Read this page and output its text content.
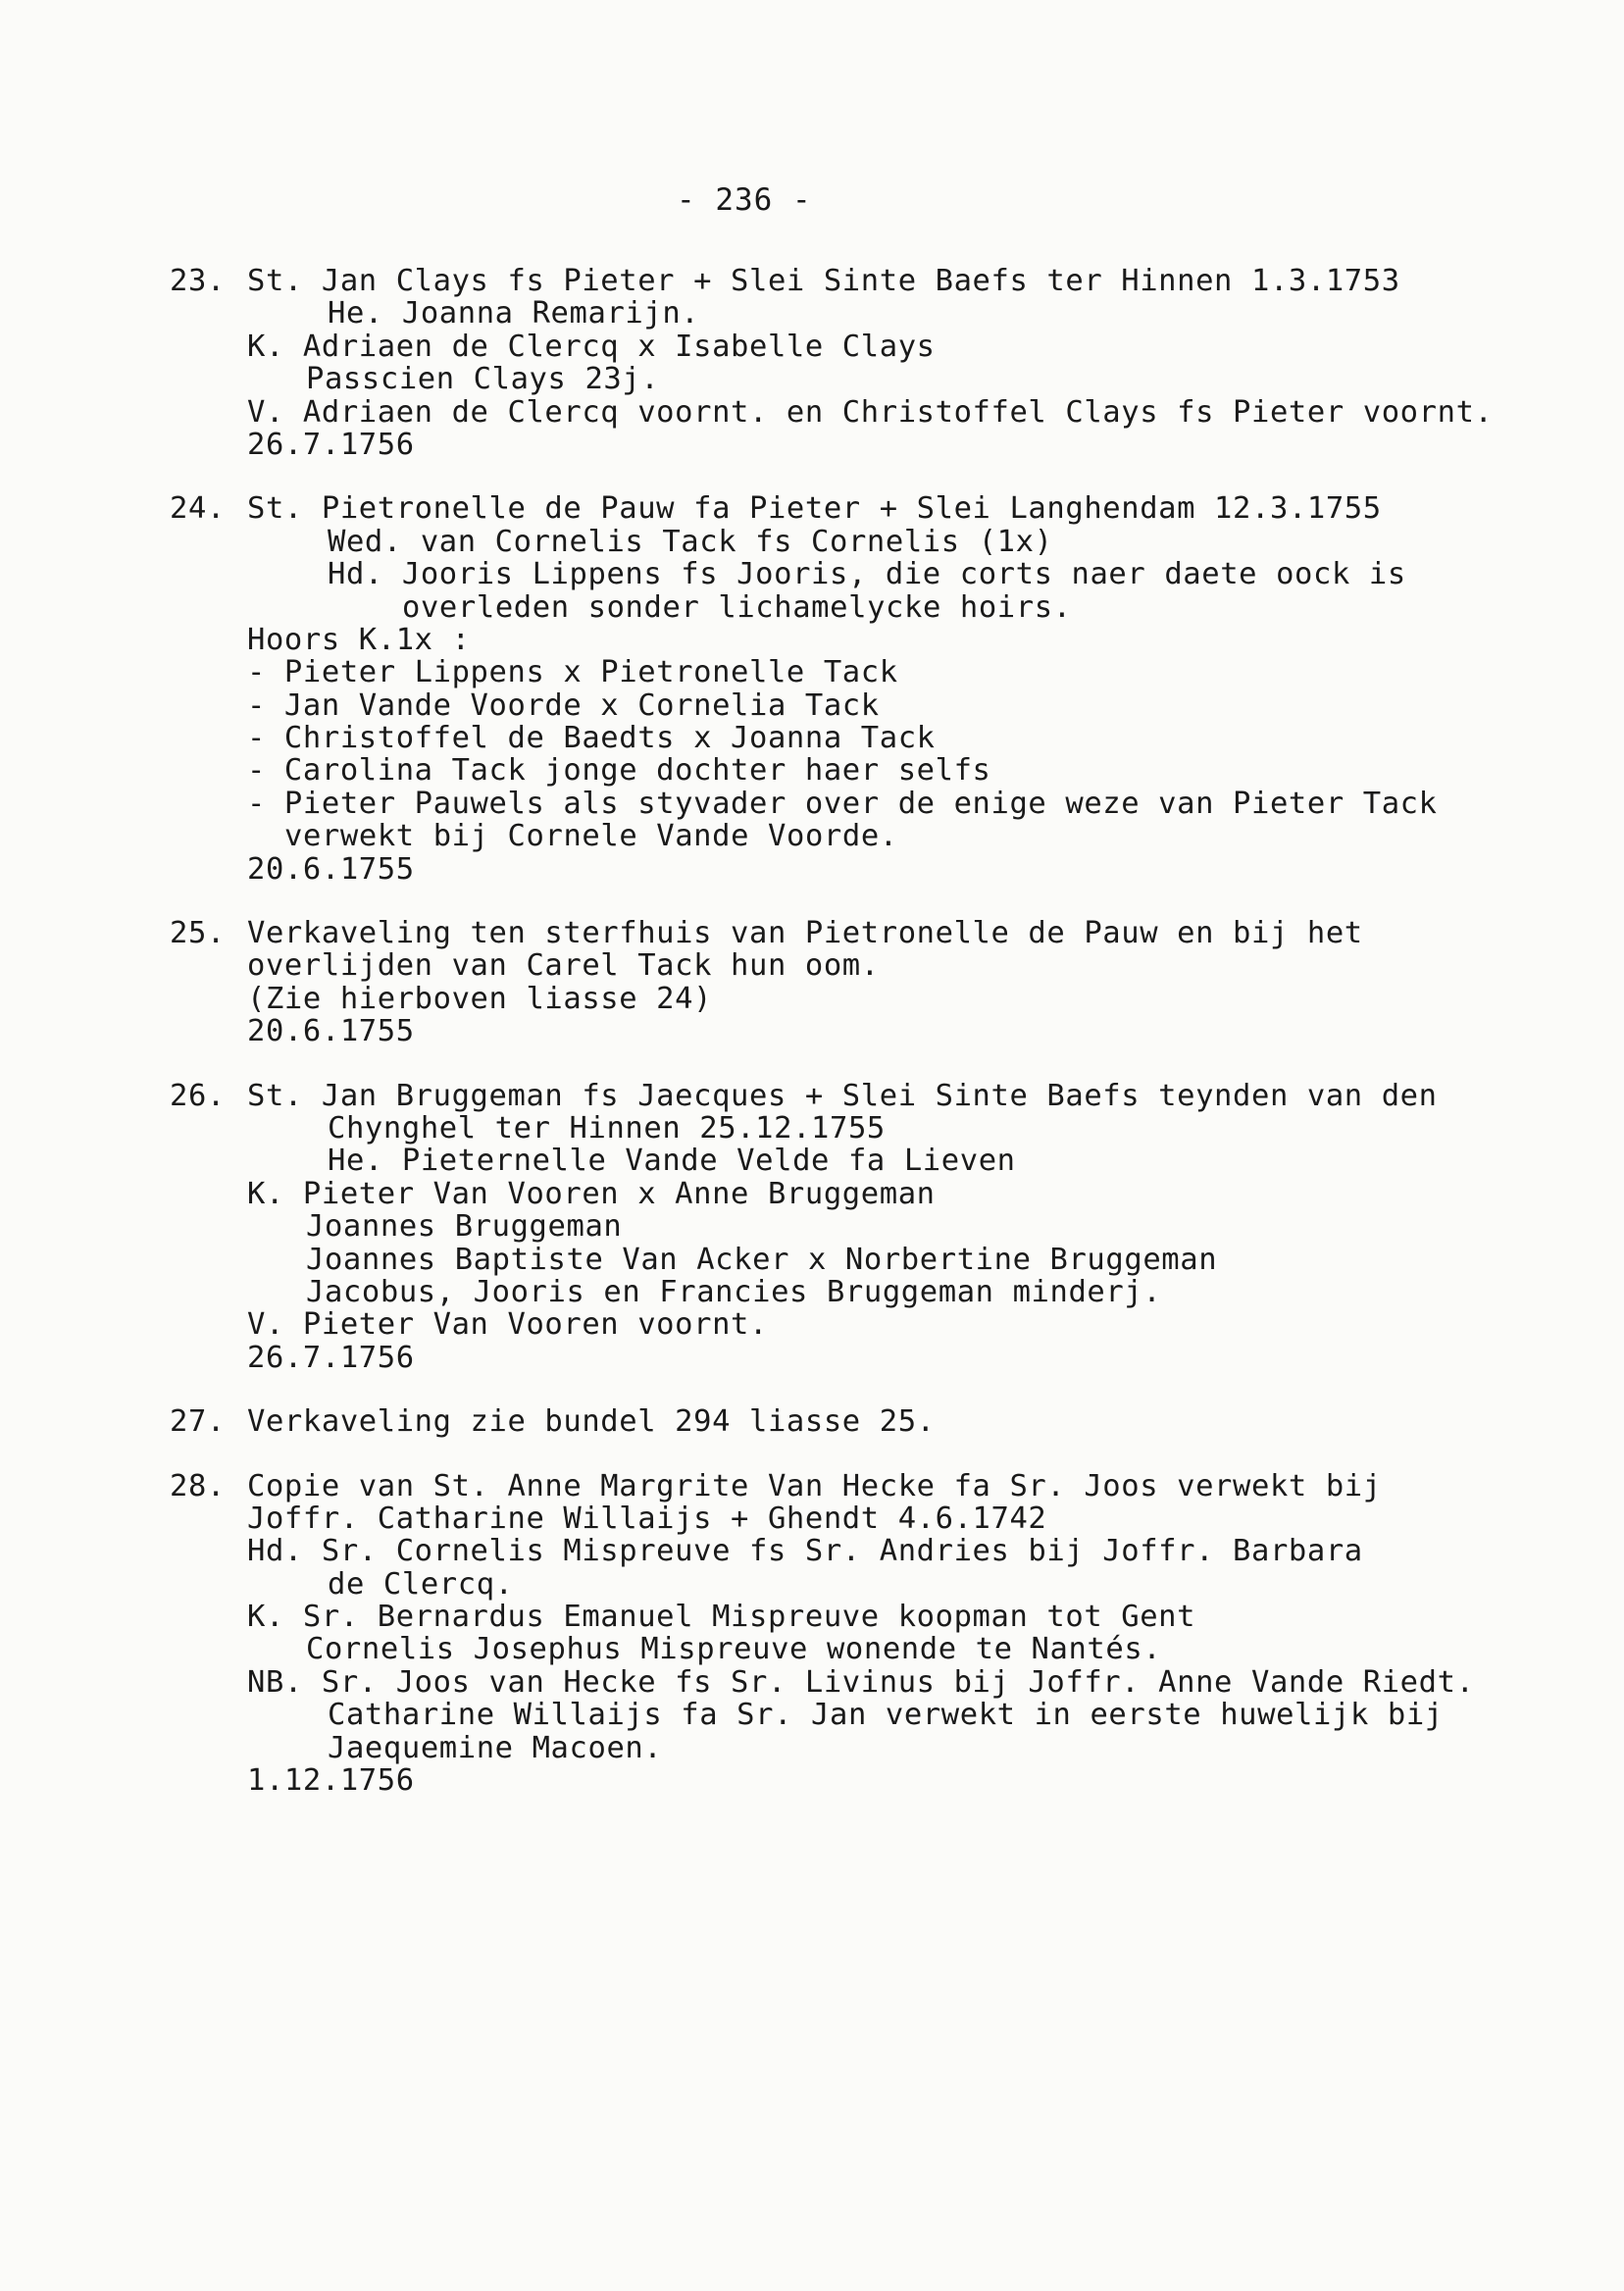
- 236 -
23. St. Jan Clays fs Pieter + Slei Sinte Baefs ter Hinnen 1.3.1753
He. Joanna Remarijn.
K. Adriaen de Clercq x Isabelle Clays
Passcien Clays 23j.
V. Adriaen de Clercq voornt. en Christoffel Clays fs Pieter voornt.
26.7.1756
24. St. Pietronelle de Pauw fa Pieter + Slei Langhendam 12.3.1755
Wed. van Cornelis Tack fs Cornelis (1x)
Hd. Jooris Lippens fs Jooris, die corts naer daete oock is
overleden sonder lichamelycke hoirs.
Hoors K.1x :
- Pieter Lippens x Pietronelle Tack
- Jan Vande Voorde x Cornelia Tack
- Christoffel de Baedts x Joanna Tack
- Carolina Tack jonge dochter haer selfs
- Pieter Pauwels als styvader over de enige weze van Pieter Tack
verwekt bij Cornele Vande Voorde.
20.6.1755
25. Verkaveling ten sterfhuis van Pietronelle de Pauw en bij het
overlijden van Carel Tack hun oom.
(Zie hierboven liasse 24)
20.6.1755
26. St. Jan Bruggeman fs Jaecques + Slei Sinte Baefs teynden van den
Chynghel ter Hinnen 25.12.1755
He. Pieternelle Vande Velde fa Lieven
K. Pieter Van Vooren x Anne Bruggeman
Joannes Bruggeman
Joannes Baptiste Van Acker x Norbertine Bruggeman
Jacobus, Jooris en Francies Bruggeman minderj.
V. Pieter Van Vooren voornt.
26.7.1756
27. Verkaveling zie bundel 294 liasse 25.
28. Copie van St. Anne Margrite Van Hecke fa Sr. Joos verwekt bij
Joffr. Catharine Willaijs + Ghendt 4.6.1742
Hd. Sr. Cornelis Mispreuve fs Sr. Andries bij Joffr. Barbara
de Clercq.
K. Sr. Bernardus Emanuel Mispreuve koopman tot Gent
Cornelis Josephus Mispreuve wonende te Nantés.
NB. Sr. Joos van Hecke fs Sr. Livinus bij Joffr. Anne Vande Riedt.
Catharine Willaijs fa Sr. Jan verwekt in eerste huwelijk bij
Jaequemine Macoen.
1.12.1756
